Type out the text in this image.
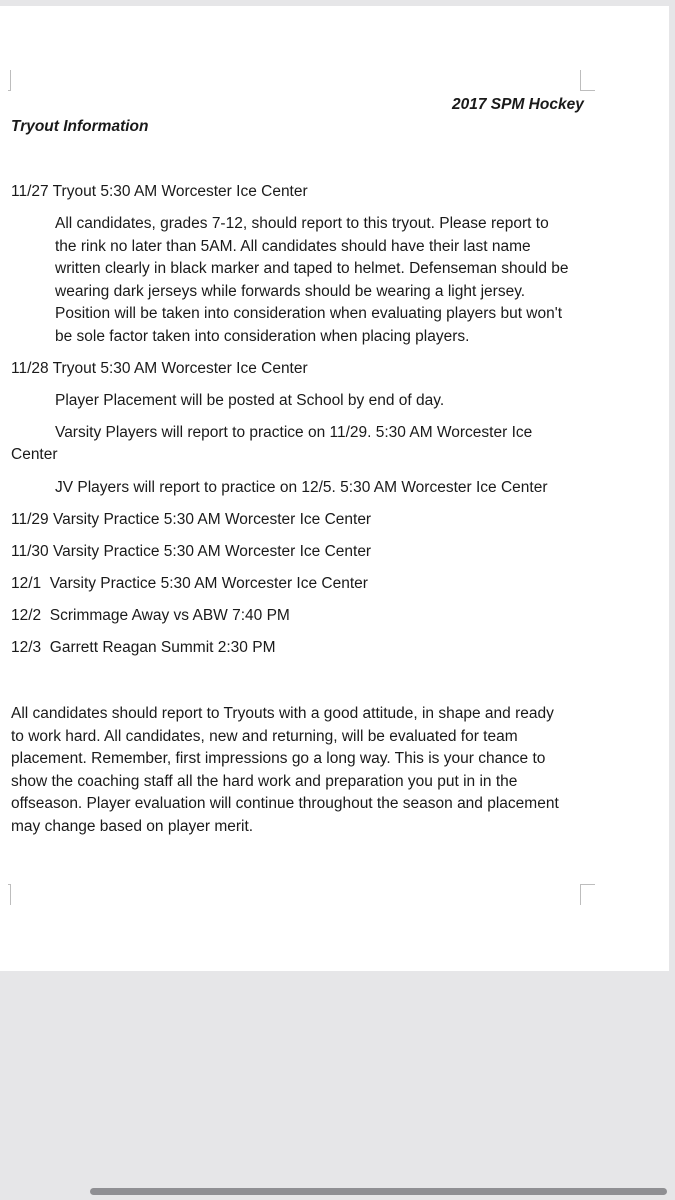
2017 SPM Hockey
Tryout Information
11/27 Tryout 5:30 AM Worcester Ice Center
All candidates, grades 7-12, should report to this tryout. Please report to
the rink no later than 5AM. All candidates should have their last name
written clearly in black marker and taped to helmet. Defenseman should be
wearing dark jerseys while forwards should be wearing a light jersey.
Position will be taken into consideration when evaluating players but won't
be sole factor taken into consideration when placing players.
11/28 Tryout 5:30 AM Worcester Ice Center
Player Placement will be posted at School by end of day.
Varsity Players will report to practice on 11/29. 5:30 AM Worcester Ice
Center
JV Players will report to practice on 12/5. 5:30 AM Worcester Ice Center
11/29 Varsity Practice 5:30 AM Worcester Ice Center
11/30 Varsity Practice 5:30 AM Worcester Ice Center
12/1  Varsity Practice 5:30 AM Worcester Ice Center
12/2  Scrimmage Away vs ABW 7:40 PM
12/3  Garrett Reagan Summit 2:30 PM
All candidates should report to Tryouts with a good attitude, in shape and ready
to work hard. All candidates, new and returning, will be evaluated for team
placement. Remember, first impressions go a long way. This is your chance to
show the coaching staff all the hard work and preparation you put in in the
offseason. Player evaluation will continue throughout the season and placement
may change based on player merit.
